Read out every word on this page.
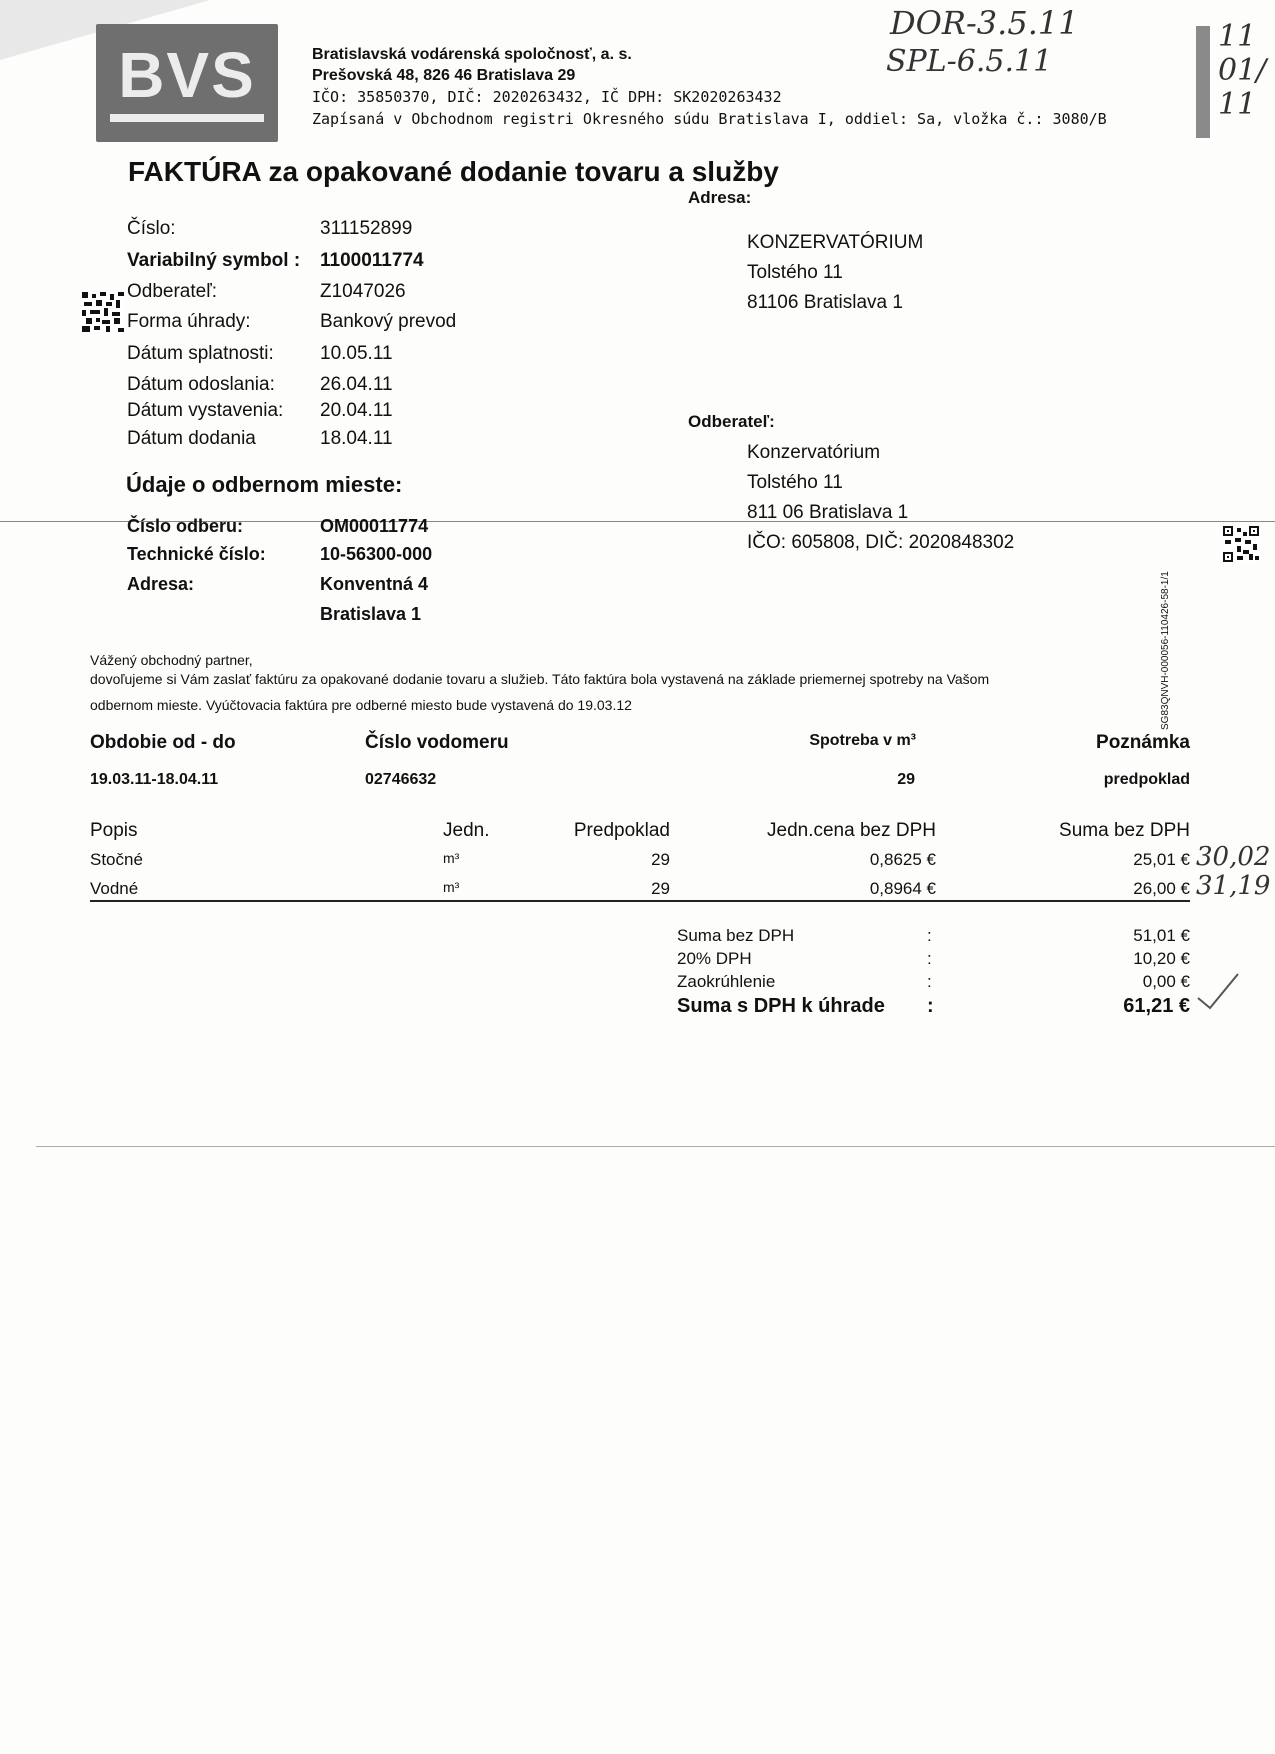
BVS	Bratislavská vodárenská spoločnosť, a. s.
Prešovská 48, 826 46 Bratislava 29
IČO: 35850370, DIČ: 2020263432, IČ DPH: SK2020263432
Zapísaná v Obchodnom registri Okresného súdu Bratislava I, oddiel: Sa, vložka č.: 3080/B
DOR-3.5.11
SPL-6.5.11
1101/11
FAKTÚRA za opakované dodanie tovaru a služby
Číslo:	311152899
Variabilný symbol : 1100011774
Odberateľ:	Z1047026
Forma úhrady:	Bankový prevod
Dátum splatnosti: 10.05.11
Dátum odoslania: 26.04.11
Dátum vystavenia: 20.04.11
Dátum dodania	18.04.11
Adresa:
KONZERVATÓRIUM
Tolstého 11
81106 Bratislava 1
Odberateľ:
Konzervatórium
Tolstého 11
811 06 Bratislava 1
IČO: 605808, DIČ: 2020848302
Údaje o odbernom mieste:
Číslo odberu:	OM00011774
Technické číslo:	10-56300-000
Adresa:	Konventná 4
Bratislava 1	SG83QNVH-000056-110426-58-1/1
Vážený obchodný partner,
dovoľujeme si Vám zaslať faktúru za opakované dodanie tovaru a služieb. Táto faktúra bola vystavená na základe priemernej spotreby na Vašom
odbernom mieste. Vyúčtovacia faktúra pre odberné miesto bude vystavená do 19.03.12
Obdobie od - do	Číslo vodomeru	Spotreba v m³	Poznámka
19.03.11-18.04.11	02746632	29	predpoklad
Popis	Jedn.	Predpoklad	Jedn.cena bez DPH	Suma bez DPH
Stočné	m³	29	0,8625 €	25,01 € 30,02
Vodné	m³	29	0,8964 €	26,00 € 31,19
Suma bez DPH	:	51,01 €
20% DPH	:	10,20 €
Zaokrúhlenie	:	0,00 €
Suma s DPH k úhrade :	61,21 €
